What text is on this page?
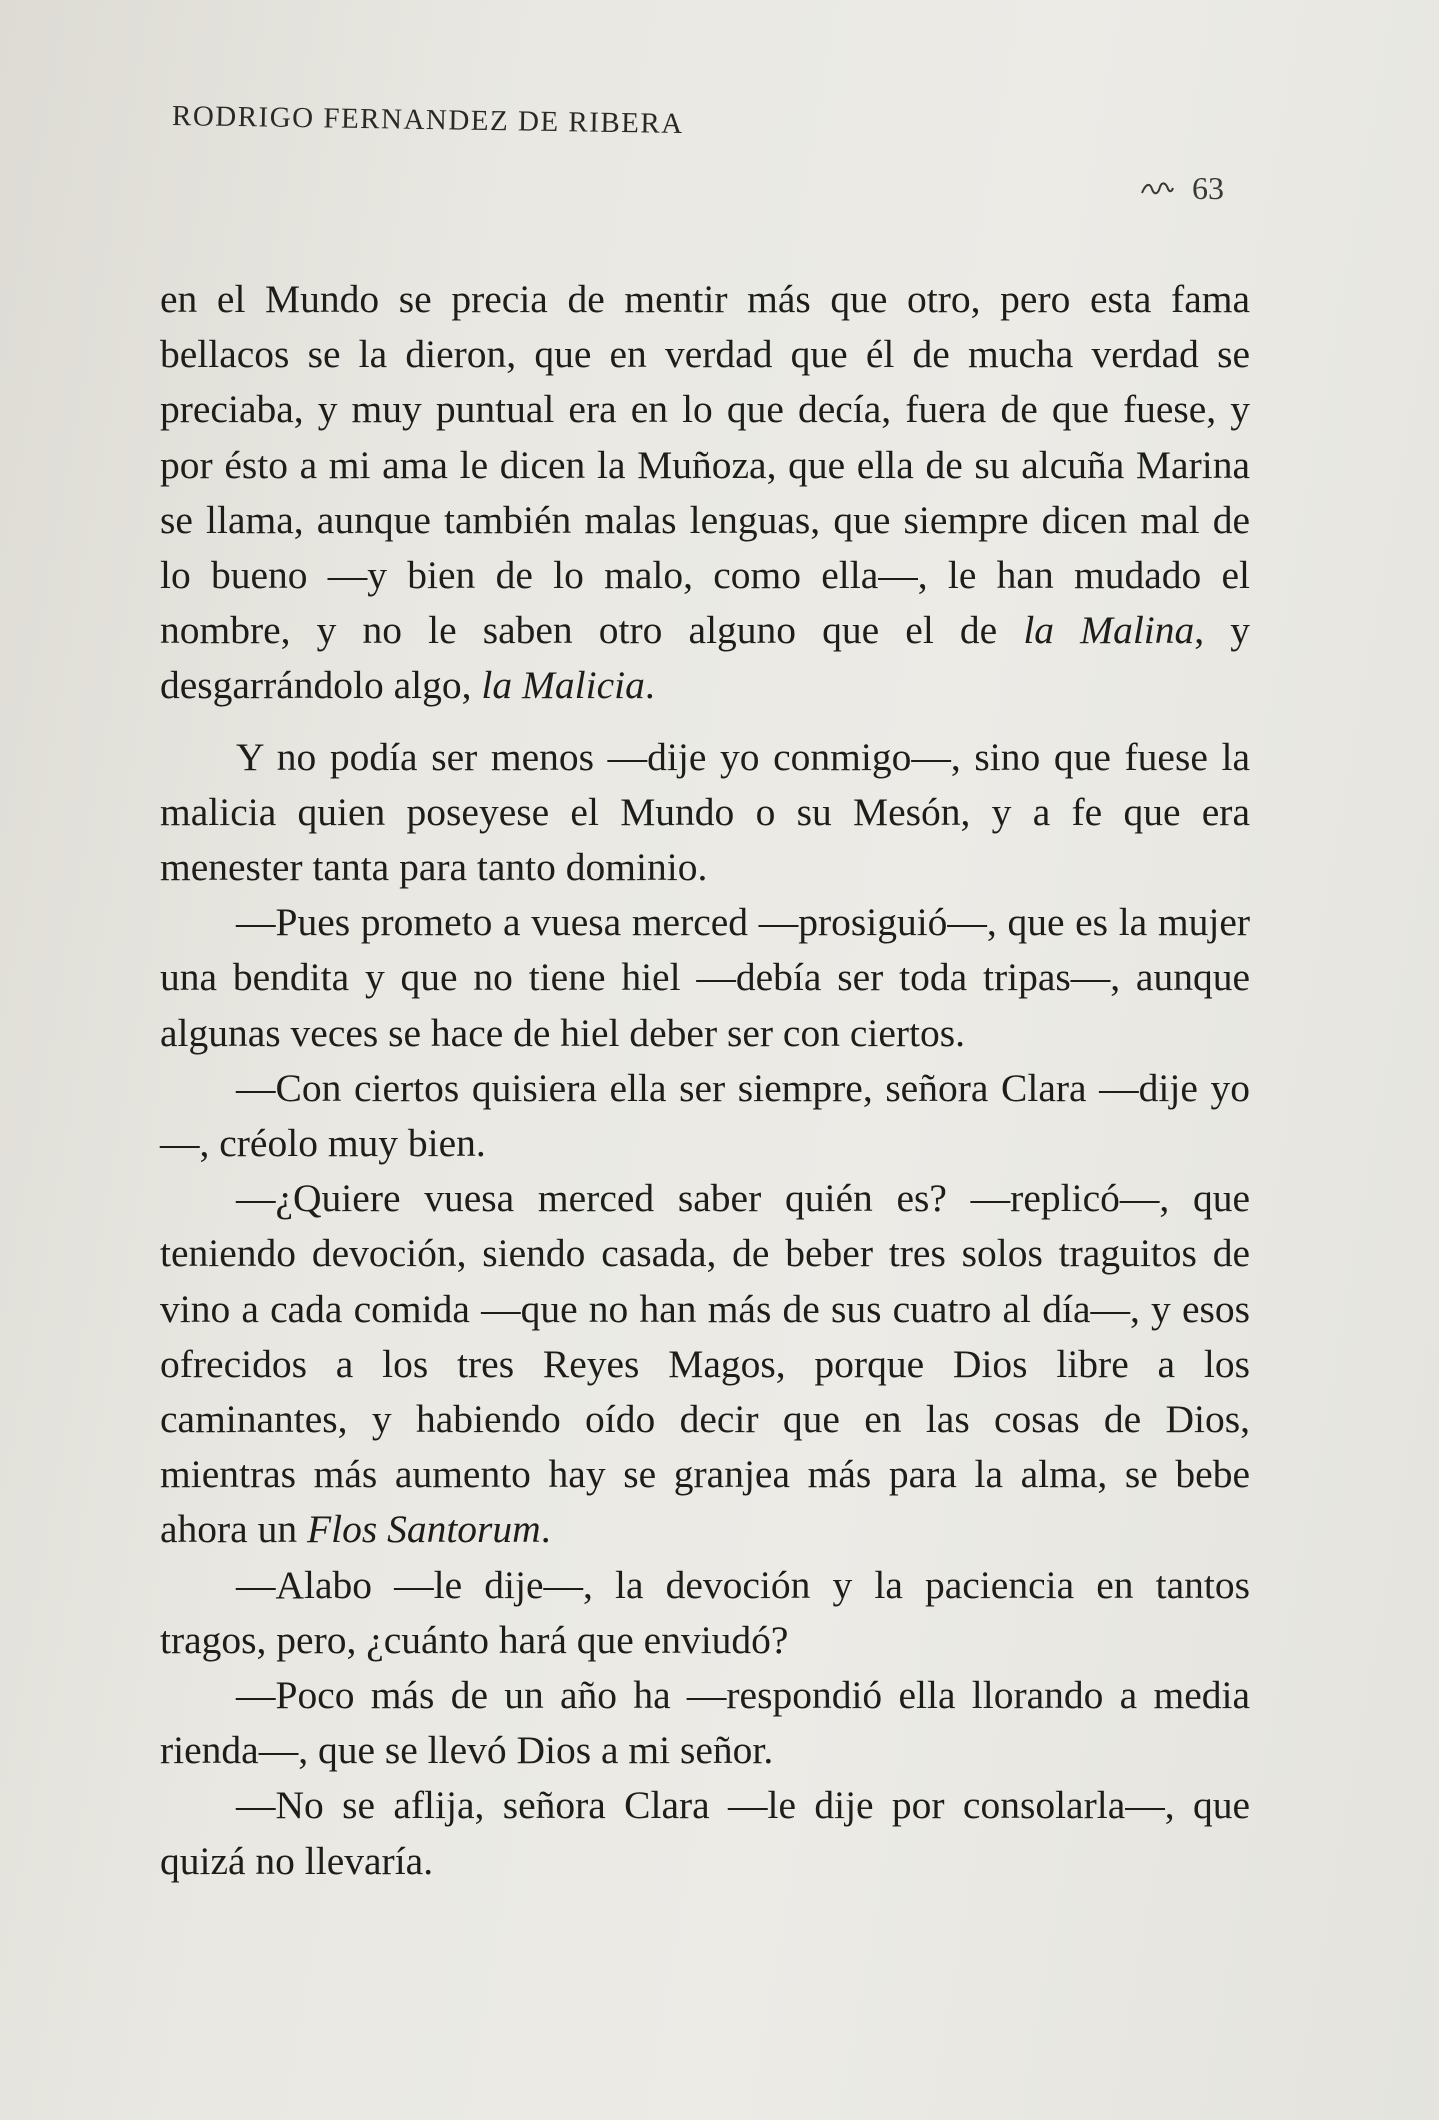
RODRIGO FERNANDEZ DE RIBERA
63

en el Mundo se precia de mentir más que otro, pero esta fama bellacos se la dieron, que en verdad que él de mucha verdad se preciaba, y muy puntual era en lo que decía, fuera de que fuese, y por ésto a mi ama le dicen la Muñoza, que ella de su alcuña Marina se llama, aunque también malas lenguas, que siempre dicen mal de lo bueno —y bien de lo malo, como ella—, le han mudado el nombre, y no le saben otro alguno que el de la Malina, y desgarrándolo algo, la Malicia.

Y no podía ser menos —dije yo conmigo—, sino que fuese la malicia quien poseyese el Mundo o su Mesón, y a fe que era menester tanta para tanto dominio.

—Pues prometo a vuesa merced —prosiguió—, que es la mujer una bendita y que no tiene hiel —debía ser toda tripas—, aunque algunas veces se hace de hiel deber ser con ciertos.

—Con ciertos quisiera ella ser siempre, señora Clara —dije yo—, créolo muy bien.

—¿Quiere vuesa merced saber quién es? —replicó—, que teniendo devoción, siendo casada, de beber tres solos traguitos de vino a cada comida —que no han más de sus cuatro al día—, y esos ofrecidos a los tres Reyes Magos, porque Dios libre a los caminantes, y habiendo oído decir que en las cosas de Dios, mientras más aumento hay se granjea más para la alma, se bebe ahora un Flos Santorum.

—Alabo —le dije—, la devoción y la paciencia en tantos tragos, pero, ¿cuánto hará que enviudó?

—Poco más de un año ha —respondió ella llorando a media rienda—, que se llevó Dios a mi señor.

—No se aflija, señora Clara —le dije por consolarla—, que quizá no llevaría.
